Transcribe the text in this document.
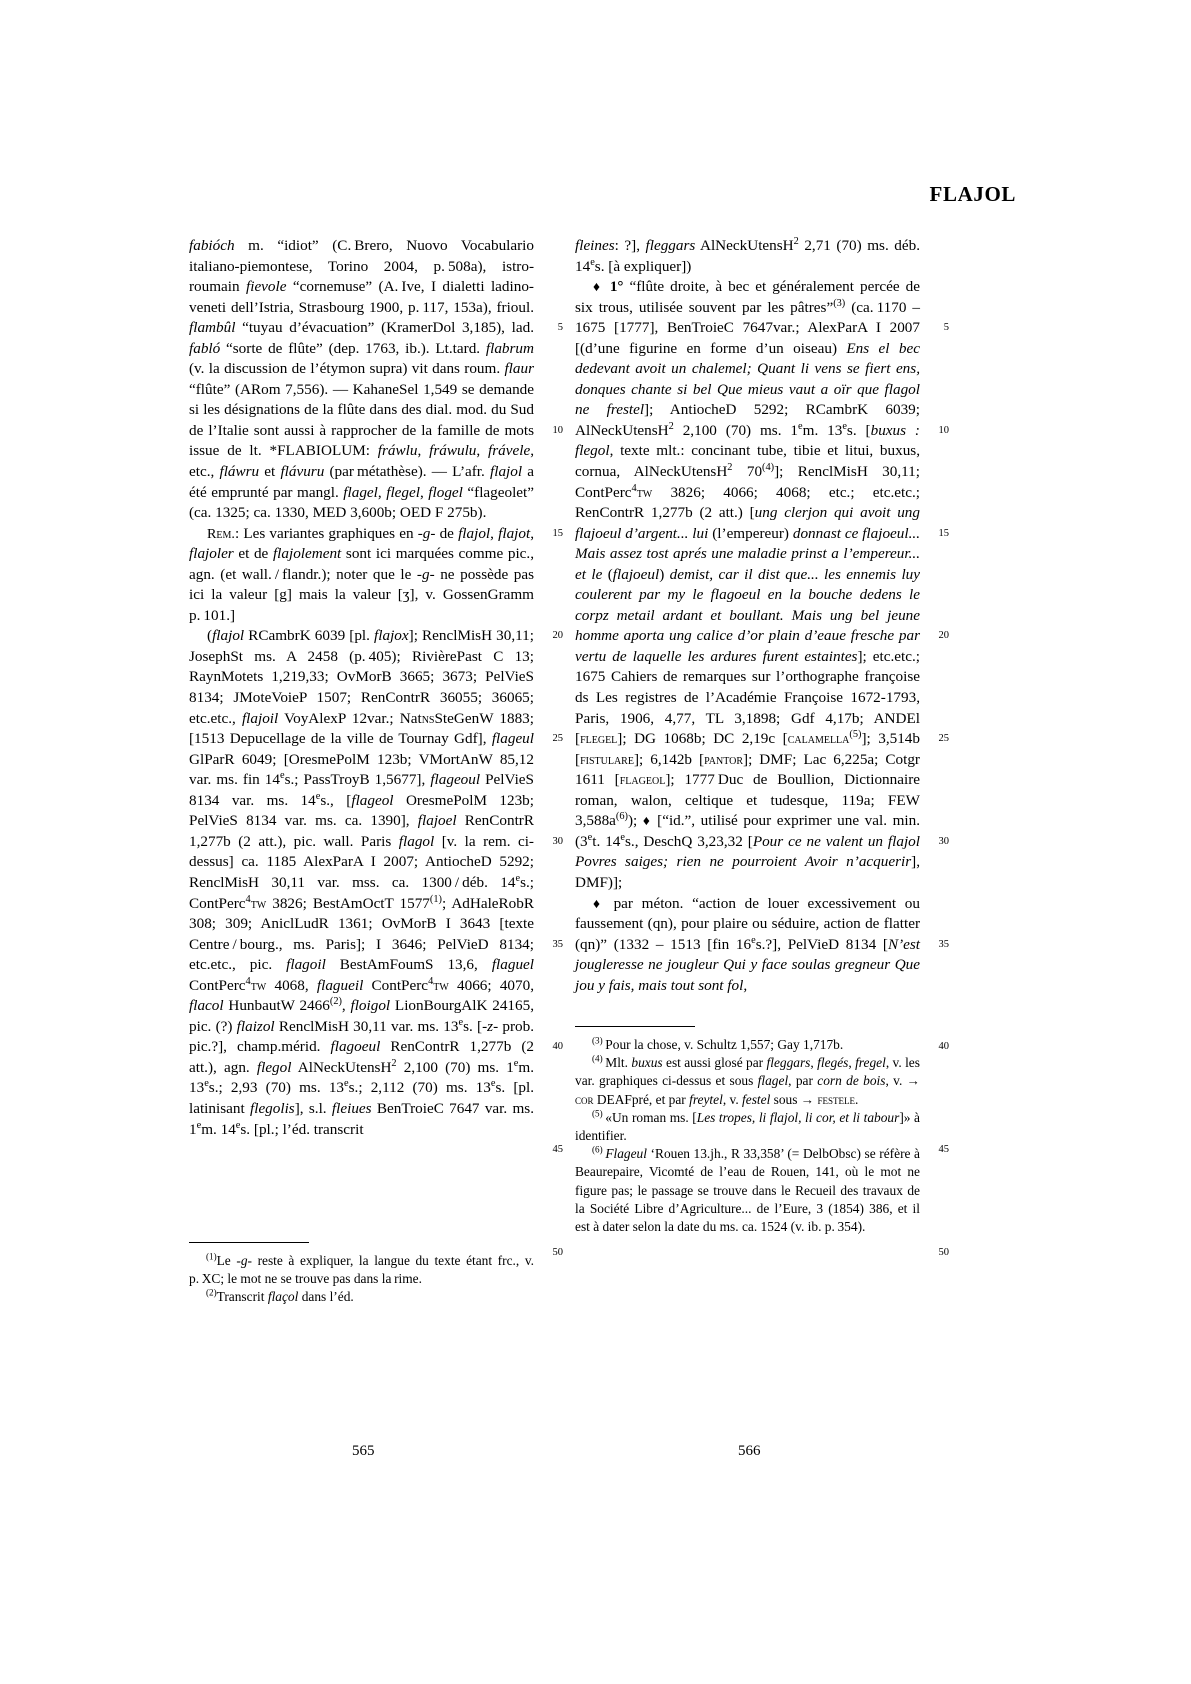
FLAJOL

fabióch m. “idiot” (C. Brero, Nuovo Vocabulario italiano-piemontese, Torino 2004, p. 508a), istro-roumain fievole “cornemuse” (A. Ive, I dialetti ladino-veneti dell’Istria, Strasbourg 1900, p. 117, 153a), frioul. flambûl “tuyau d’évacuation” (KramerDol 3,185), lad. fabló “sorte de flûte” (dep. 1763, ib.). Lt.tard. flabrum (v. la discussion de l’étymon supra) vit dans roum. flaur “flûte” (ARom 7,556). — KahaneSel 1,549 se demande si les désignations de la flûte dans des dial. mod. du Sud de l’Italie sont aussi à rapprocher de la famille de mots issue de lt. *FLABIOLUM: fráwlu, fráwulu, frávele, etc., fláwru et flávuru (par métathèse). — L’afr. flajol a été emprunté par mangl. flagel, flegel, flogel “flageolet” (ca. 1325; ca. 1330, MED 3,600b; OED F 275b).

Rem.: Les variantes graphiques en -g- de flajol, flajot, flajoler et de flajolement sont ici marquées comme pic., agn. (et wall. / flandr.); noter que le -g- ne possède pas ici la valeur [g] mais la valeur [ʒ], v. GossenGramm p. 101.]

(flajol RCambrK 6039 [pl. flajox]; RenclMisH 30,11; JosephSt ms. A 2458 (p. 405); RivièrePast C 13; RaynMotets 1,219,33; OvMorB 3665; 3673; PelVieS 8134; JMoteVoieP 1507; RenContrR 36055; 36065; etc.etc., flajoil VoyAlexP 12var.; NatnsSteGenW 1883; [1513 Depucellage de la ville de Tournay Gdf], flageul GlParR 6049; [OresmePolM 123b; VMortAnW 85,12 var. ms. fin 14es.; PassTroyB 1,5677], flageoul PelVieS 8134 var. ms. 14es., [flageol OresmePolM 123b; PelVieS 8134 var. ms. ca. 1390], flajoel RenContrR 1,277b (2 att.), pic. wall. Paris flagol [v. la rem. ci-dessus] ca. 1185 AlexParA I 2007; AntiocheD 5292; RenclMisH 30,11 var. mss. ca. 1300 / déb. 14es.; ContPerc$^4$tw 3826; BestAmOctT 1577$^{(1)}$; AdHaleRobR 308; 309; AniclLudR 1361; OvMorB I 3643 [texte Centre / bourg., ms. Paris]; I 3646; PelVieD 8134; etc.etc., pic. flagoil BestAmFoumS 13,6, flaguel ContPerc$^4$tw 4068, flagueil ContPerc$^4$tw 4066; 4070, flacol HunbautW 2466$^{(2)}$, floigol LionBourgAlK 24165, pic. (?) flaizol RenclMisH 30,11 var. ms. 13es. [-z- prob. pic.?], champ.mérid. flagoeul RenContrR 1,277b (2 att.), agn. flegol AlNeckUtensH$^2$ 2,100 (70) ms. 1em. 13es.; 2,93 (70) ms. 13es.; 2,112 (70) ms. 13es. [pl. latinisant flegolis], s.l. fleiues BenTroieC 7647 var. ms. 1em. 14es. [pl.; l’éd. transcrit

5
10
15
20
25
30
35
40
45
50

fleines: ?], fleggars AlNeckUtensH$^2$ 2,71 (70) ms. déb. 14es. [à expliquer])

♦  1° “flûte droite, à bec et généralement percée de six trous, utilisée souvent par les pâtres”$^{(3)}$ (ca. 1170 – 1675 [1777], BenTroieC 7647var.; AlexParA I 2007 [(d’une figurine en forme d’un oiseau) Ens el bec dedevant avoit un chalemel; Quant li vens se fiert ens, donques chante si bel Que mieus vaut a oïr que flagol ne frestel]; AntiocheD 5292; RCambrK 6039; AlNeckUtensH$^2$ 2,100 (70) ms. 1em. 13es. [buxus : flegol, texte mlt.: concinant tube, tibie et litui, buxus, cornua, AlNeckUtensH$^2$ 70$^{(4)}$]; RenclMisH 30,11; ContPerc$^4$tw 3826; 4066; 4068; etc.; etc.etc.; RenContrR 1,277b (2 att.) [ung clerjon qui avoit ung flajoeul d’argent... lui (l’empereur) donnast ce flajoeul... Mais assez tost aprés une maladie prinst a l’empereur... et le (flajoeul) demist, car il dist que... les ennemis luy coulerent par my le flagoeul en la bouche dedens le corpz metail ardant et boullant. Mais ung bel jeune homme aporta ung calice d’or plain d’eaue fresche par vertu de laquelle les ardures furent estaintes]; etc.etc.; 1675 Cahiers de remarques sur l’orthographe françoise ds Les registres de l’Académie Françoise 1672-1793, Paris, 1906, 4,77, TL 3,1898; Gdf 4,17b; ANDEl [flegel]; DG 1068b; DC 2,19c [calamella$^{(5)}$]; 3,514b [fistulare]; 6,142b [pantor]; DMF; Lac 6,225a; Cotgr 1611 [flageol]; 1777 Duc de Boullion, Dictionnaire roman, walon, celtique et tudesque, 119a; FEW $3,588a^{(6)}$); ♦ [“id.”, utilisé pour exprimer une val. min. (3et. 14es., DeschQ 3,23,32 [Pour ce ne valent un flajol Povres saiges; rien ne pourroient Avoir n’acquerir], DMF)];

♦ par méton. “action de louer excessivement ou faussement (qn), pour plaire ou séduire, action de flatter (qn)” (1332 – 1513 [fin 16es.?], PelVieD 8134 [N’est jougleresse ne jougleur Qui y face soulas gregneur Que jou y fais, mais tout sont fol,

5
10
15
20
25
30
35
40
45
50

$^{(1)}$Le -g- reste à expliquer, la langue du texte étant frc., v. p. XC; le mot ne se trouve pas dans la rime.

$^{(2)}$Transcrit flaçol dans l’éd.

$^{(3)}$ Pour la chose, v. Schultz 1,557; Gay 1,717b.

$^{(4)}$ Mlt. buxus est aussi glosé par fleggars, flegés, fregel, v. les var. graphiques ci-dessus et sous flagel, par corn de bois, v. → cor DEAFpré, et par freytel, v. festel sous → festele.

$^{(5)}$ «Un roman ms. [Les tropes, li flajol, li cor, et li tabour]» à identifier.

$^{(6)}$  Flageul ‘Rouen 13.jh., R 33,358’ (= DelbObsc) se réfère à Beaurepaire, Vicomté de l’eau de Rouen, 141, où le mot ne figure pas; le passage se trouve dans le Recueil des travaux de la Société Libre d’Agriculture... de l’Eure, 3 (1854) 386, et il est à dater selon la date du ms. ca. 1524 (v. ib. p. 354).

565	566
